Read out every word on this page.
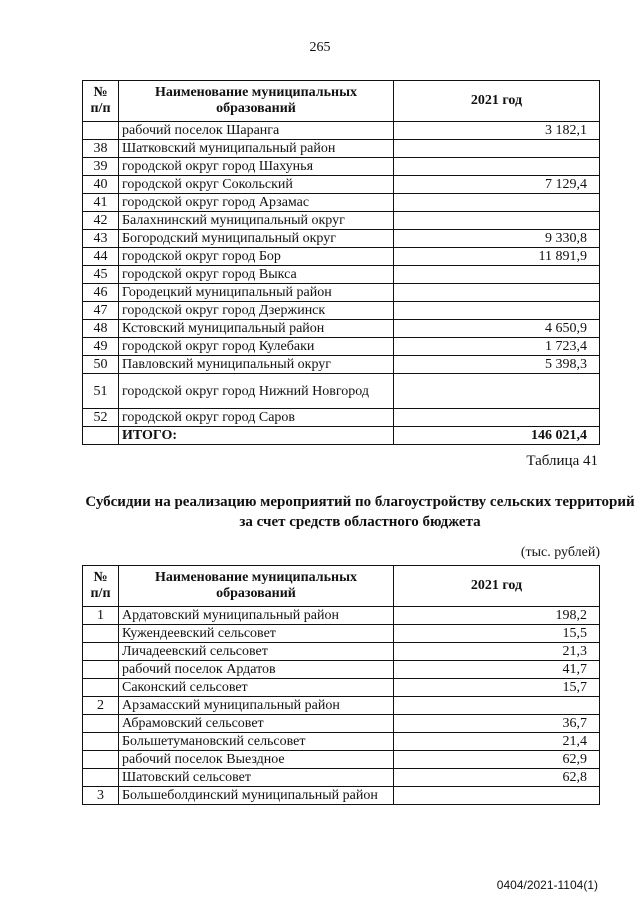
265
№ п/п	Наименование муниципальных образований	2021 год
	рабочий поселок Шаранга	3 182,1
38	Шатковский муниципальный район	
39	городской округ город Шахунья	
40	городской округ Сокольский	7 129,4
41	городской округ город Арзамас	
42	Балахнинский муниципальный округ	
43	Богородский муниципальный округ	9 330,8
44	городской округ город Бор	11 891,9
45	городской округ город Выкса	
46	Городецкий муниципальный район	
47	городской округ город Дзержинск	
48	Кстовский муниципальный район	4 650,9
49	городской округ город Кулебаки	1 723,4
50	Павловский муниципальный округ	5 398,3
51	городской округ город Нижний Новгород	
52	городской округ город Саров	
	ИТОГО:	146 021,4
Таблица 41
Субсидии на реализацию мероприятий по благоустройству сельских территорий за счет средств областного бюджета
(тыс. рублей)
№ п/п	Наименование муниципальных образований	2021 год
1	Ардатовский муниципальный район	198,2
	Кужендеевский сельсовет	15,5
	Личадеевский сельсовет	21,3
	рабочий поселок Ардатов	41,7
	Саконский сельсовет	15,7
2	Арзамасский муниципальный район	
	Абрамовский сельсовет	36,7
	Большетумановский сельсовет	21,4
	рабочий поселок Выездное	62,9
	Шатовский сельсовет	62,8
3	Большеболдинский муниципальный район	
0404/2021-1104(1)
